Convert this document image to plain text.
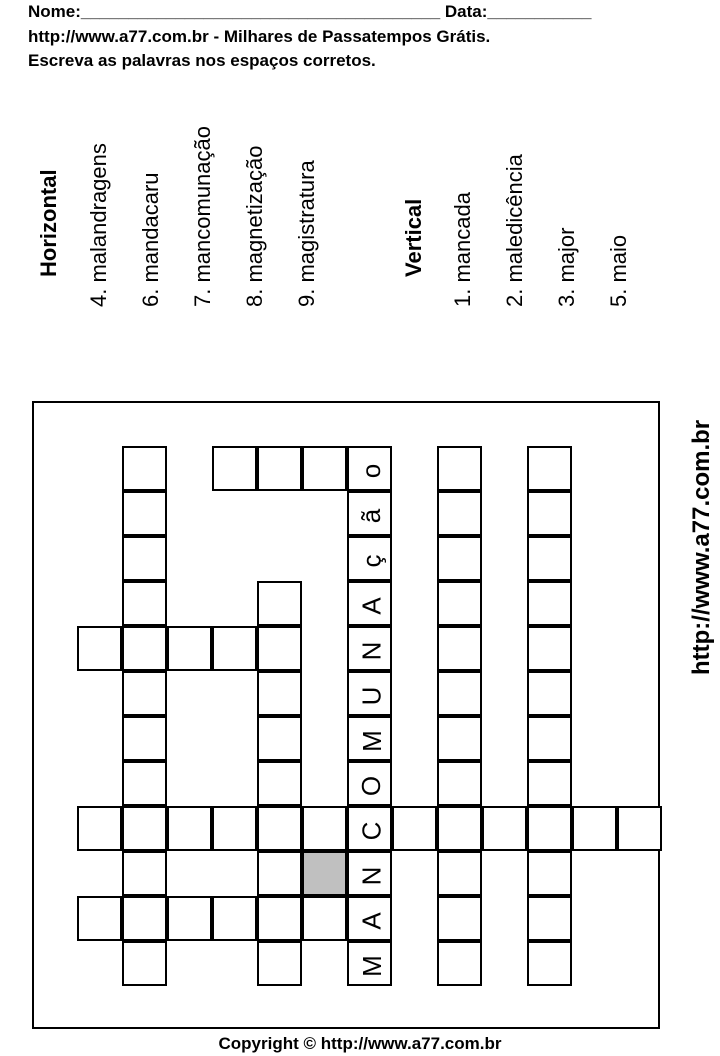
Nome:______________________________________ Data:___________
http://www.a77.com.br - Milhares de Passatempos Grátis.
Escreva as palavras nos espaços corretos.
Horizontal 4. malandragens 6. mandacaru 7. mancomunação 8. magnetização 9. magistratura	Vertical 1. mancada 2. maledicência 3. major 5. maio
http://www.a77.com.br
o
ã
ç
A
N
U
M
O
C
N
A
M
Copyright © http://www.a77.com.br
